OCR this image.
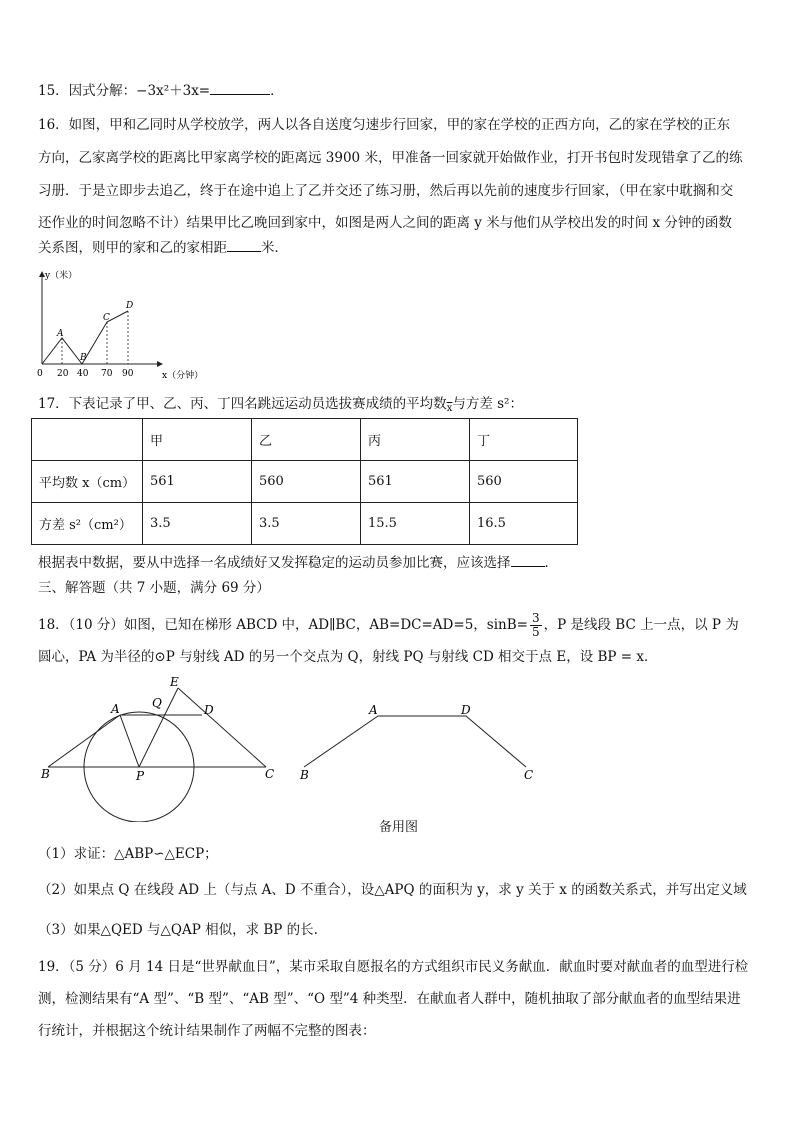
15．因式分解：−3x²＋3x=	．
16．如图，甲和乙同时从学校放学，两人以各自送度匀速步行回家，甲的家在学校的正西方向，乙的家在学校的正东
方向，乙家离学校的距离比甲家离学校的距离远 3900 米，甲准备一回家就开始做作业，打开书包时发现错拿了乙的练
习册．于是立即步去追乙，终于在途中追上了乙并交还了练习册，然后再以先前的速度步行回家，（甲在家中耽搁和交
还作业的时间忽略不计）结果甲比乙晚回到家中，如图是两人之间的距离 y 米与他们从学校出发的时间 x 分钟的函数
关系图，则甲的家和乙的家相距	米．
y（米）
x（分钟）
0 20 40 70 90
A
B
C
D
17．下表记录了甲、乙、丙、丁四名跳远运动员选拔赛成绩的平均数$_{\overline{x}}$与方差 s²：
	甲	乙	丙	丁
平均数 x（cm）	561	560	561	560
方差 s²（cm²）	3.5	3.5	15.5	16.5
根据表中数据，要从中选择一名成绩好又发挥稳定的运动员参加比赛，应该选择	．
三、解答题（共 7 小题，满分 69 分）
18．（10 分）如图，已知在梯形 ABCD 中，AD∥BC，AB=DC=AD=5，$\sin B= \frac{3}{5}$ ，P 是线段 BC 上一点，以 P 为
圆心，PA 为半径的⊙P 与射线 AD 的另一个交点为 Q，射线 PQ 与射线 CD 相交于点 E，设 BP = x．
E
A	Q	D
B	P	C
A	D
B	C
备用图
（1）求证：△ABP∽△ECP；
（2）如果点 Q 在线段 AD 上（与点 A、D 不重合），设△APQ 的面积为 y，求 y 关于 x 的函数关系式，并写出定义域
（3）如果△QED 与△QAP 相似，求 BP 的长.
19．（5 分）6 月 14 日是“世界献血日”，某市采取自愿报名的方式组织市民义务献血．献血时要对献血者的血型进行检
测，检测结果有“A 型”、“B 型”、“AB 型”、“O 型”4 种类型．在献血者人群中，随机抽取了部分献血者的血型结果进
行统计，并根据这个统计结果制作了两幅不完整的图表：
